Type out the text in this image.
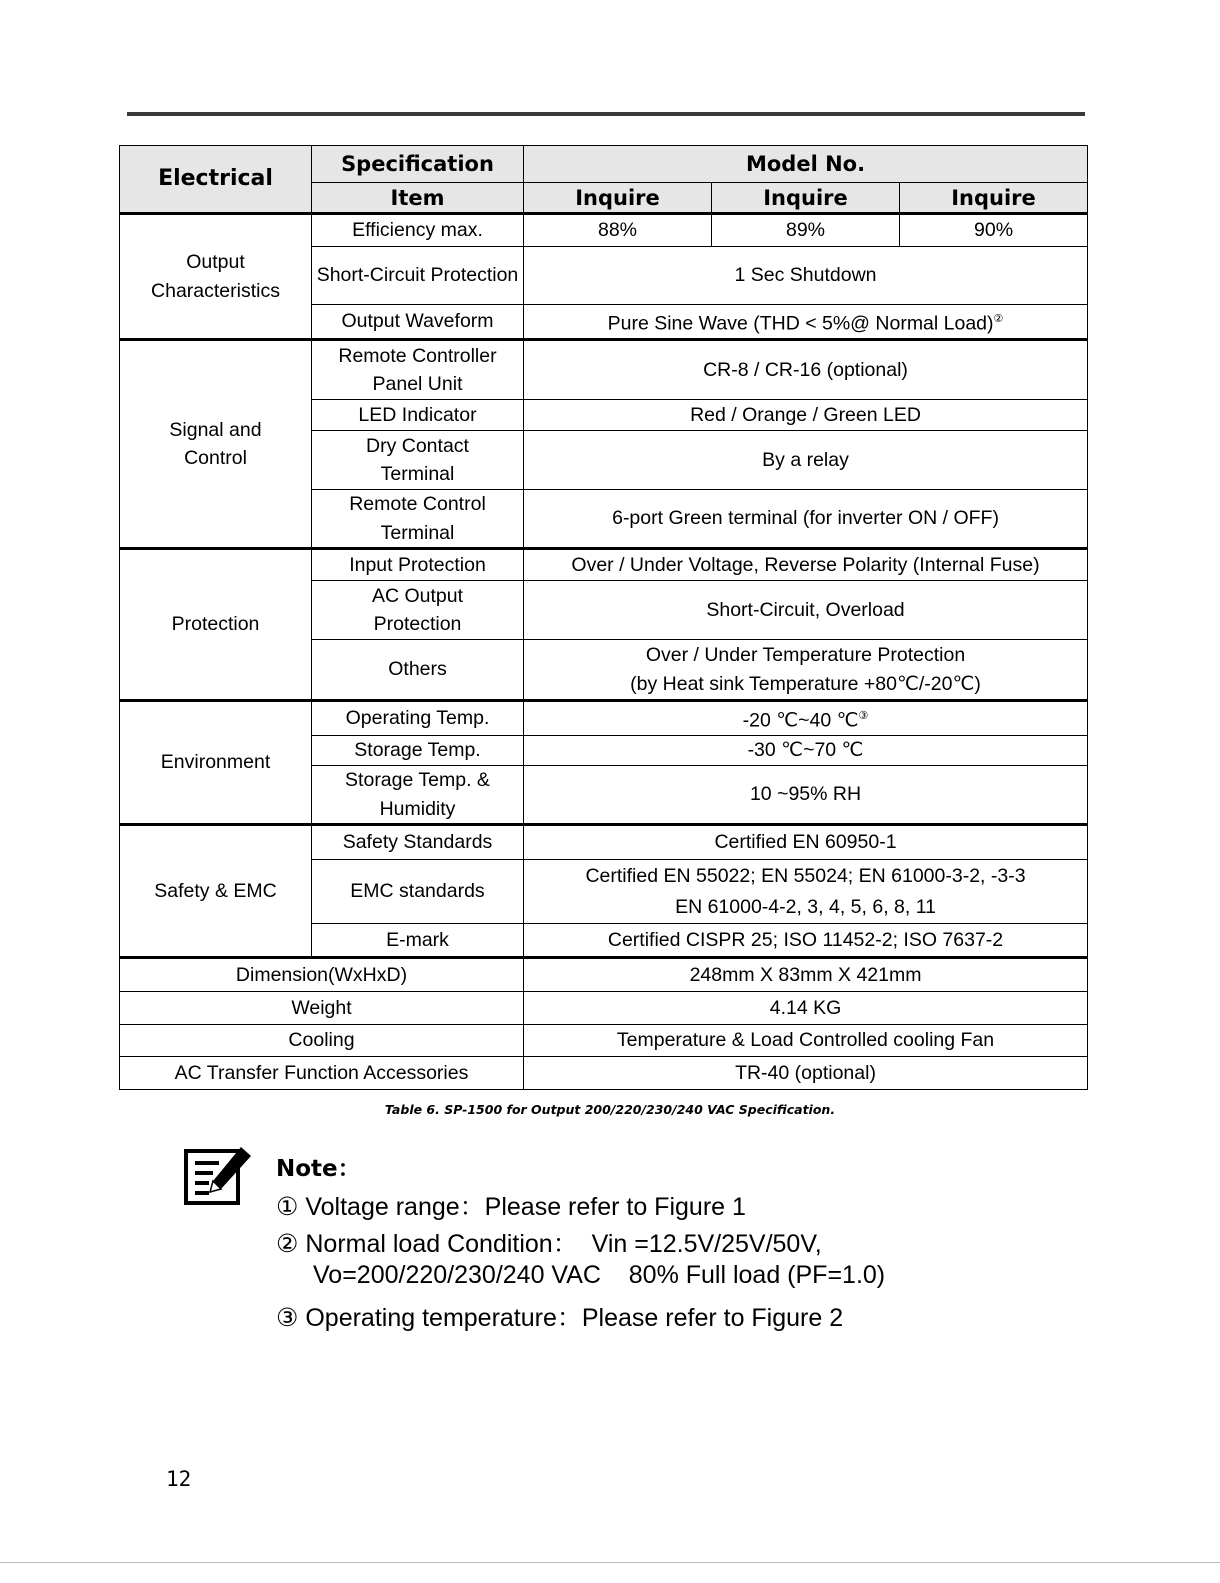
Electrical	Specification	Model No.		
	Item	Inquire	Inquire	Inquire
Output Characteristics	Efficiency max.	88%	89%	90%
	Short-Circuit Protection	1 Sec Shutdown		
	Output Waveform	Pure Sine Wave (THD < 5%@ Normal Load)②
Signal and Control	Remote Controller Panel Unit	CR-8 / CR-16 (optional)		
	LED Indicator	Red / Orange / Green LED		
	Dry Contact Terminal	By a relay		
	Remote Control Terminal	6-port Green terminal (for inverter ON / OFF)		
Protection	Input Protection	Over / Under Voltage, Reverse Polarity (Internal Fuse)		
	AC Output Protection	Short-Circuit, Overload		
	Others	Over / Under Temperature Protection
(by Heat sink Temperature +80℃/-20℃)		

Environment	Operating Temp.	-20 ℃~40 ℃③
	Storage Temp.	-30 ℃~70 ℃		
	Storage Temp. & Humidity	10 ~95% RH		
Safety & EMC	Safety Standards	Certified EN 60950-1		
	EMC standards	Certified EN 55022; EN 55024; EN 61000-3-2, -3-3
EN 61000-4-2, 3, 4, 5, 6, 8, 11		

	E-mark	Certified CISPR 25; ISO 11452-2; ISO 7637-2		
Dimension(WxHxD)		248mm X 83mm X 421mm		
Weight		4.14 KG		
Cooling		Temperature & Load Controlled cooling Fan		
AC Transfer Function Accessories		TR-40 (optional)		
Table 6. SP-1500 for Output 200/220/230/240 VAC Specification.
Note：
① Voltage range：Please refer to Figure 1
② Normal load Condition：  Vin =12.5V/25V/50V,
Vo=200/220/230/240 VAC    80% Full load (PF=1.0)
③ Operating temperature：Please refer to Figure 2
12
